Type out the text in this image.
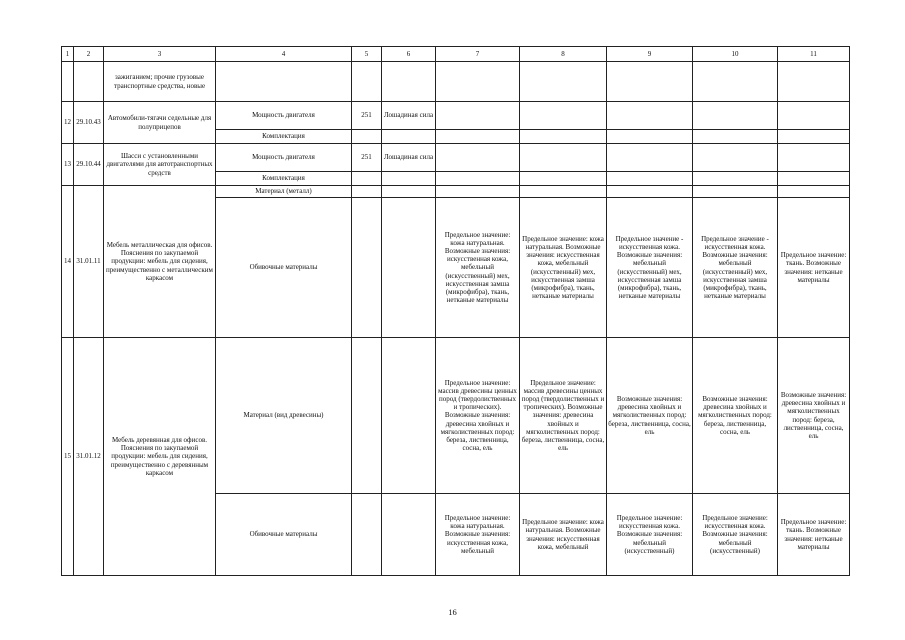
1	2	3	4	5	6	7	8	9	10	11
		зажиганием; прочие грузовые транспортные средства, новые								
12	29.10.43	Автомобили-тягачи седельные для полуприцепов	Мощность двигателя	251	Лошадиная сила					
			Комплектация							
13	29.10.44	Шасси с установленными двигателями для автотранспортных средств	Мощность двигателя	251	Лошадиная сила					
			Комплектация							
14	31.01.11	Мебель металлическая для офисов. Пояснения по закупаемой продукции: мебель для сидения, преимущественно с металлическим каркасом	Материал (металл)							
			Обивочные материалы			Предельное значение: кожа натуральная. Возможные значения: искусственная кожа, мебельный (искусственный) мех, искусственная замша (микрофибра), ткань, нетканые материалы	Предельное значение: кожа натуральная. Возможные значения: искусственная кожа, мебельный (искусственный) мех, искусственная замша (микрофибра), ткань, нетканые материалы	Предельное значение - искусственная кожа. Возможные значения: мебельный (искусственный) мех, искусственная замша (микрофибра), ткань, нетканые материалы	Предельное значение - искусственная кожа. Возможные значения: мебельный (искусственный) мех, искусственная замша (микрофибра), ткань, нетканые материалы	Предельное значение: ткань. Возможные значения: нетканые материалы
15	31.01.12	Мебель деревянная для офисов. Пояснения по закупаемой продукции: мебель для сидения, преимущественно с деревянным каркасом	Материал (вид древесины)			Предельное значение: массив древесины ценных пород (твердолиственных и тропических). Возможные значения: древесина хвойных и мягколиственных пород: береза, лиственница, сосна, ель	Предельное значение: массив древесины ценных пород (твердолиственных и тропических). Возможные значения: древесина хвойных и мягколиственных пород: береза, лиственница, сосна, ель	Возможные значения: древесина хвойных и мягколиственных пород: береза, лиственница, сосна, ель	Возможные значения: древесина хвойных и мягколиственных пород: береза, лиственница, сосна, ель	Возможные значения: древесина хвойных и мягколиственных пород: береза, лиственница, сосна, ель
			Обивочные материалы			Предельное значение: кожа натуральная. Возможные значения: искусственная кожа, мебельный	Предельное значение: кожа натуральная. Возможные значения: искусственная кожа, мебельный	Предельное значение: искусственная кожа. Возможные значения: мебельный (искусственный)	Предельное значение: искусственная кожа. Возможные значения: мебельный (искусственный)	Предельное значение: ткань. Возможные значения: нетканые материалы
16
